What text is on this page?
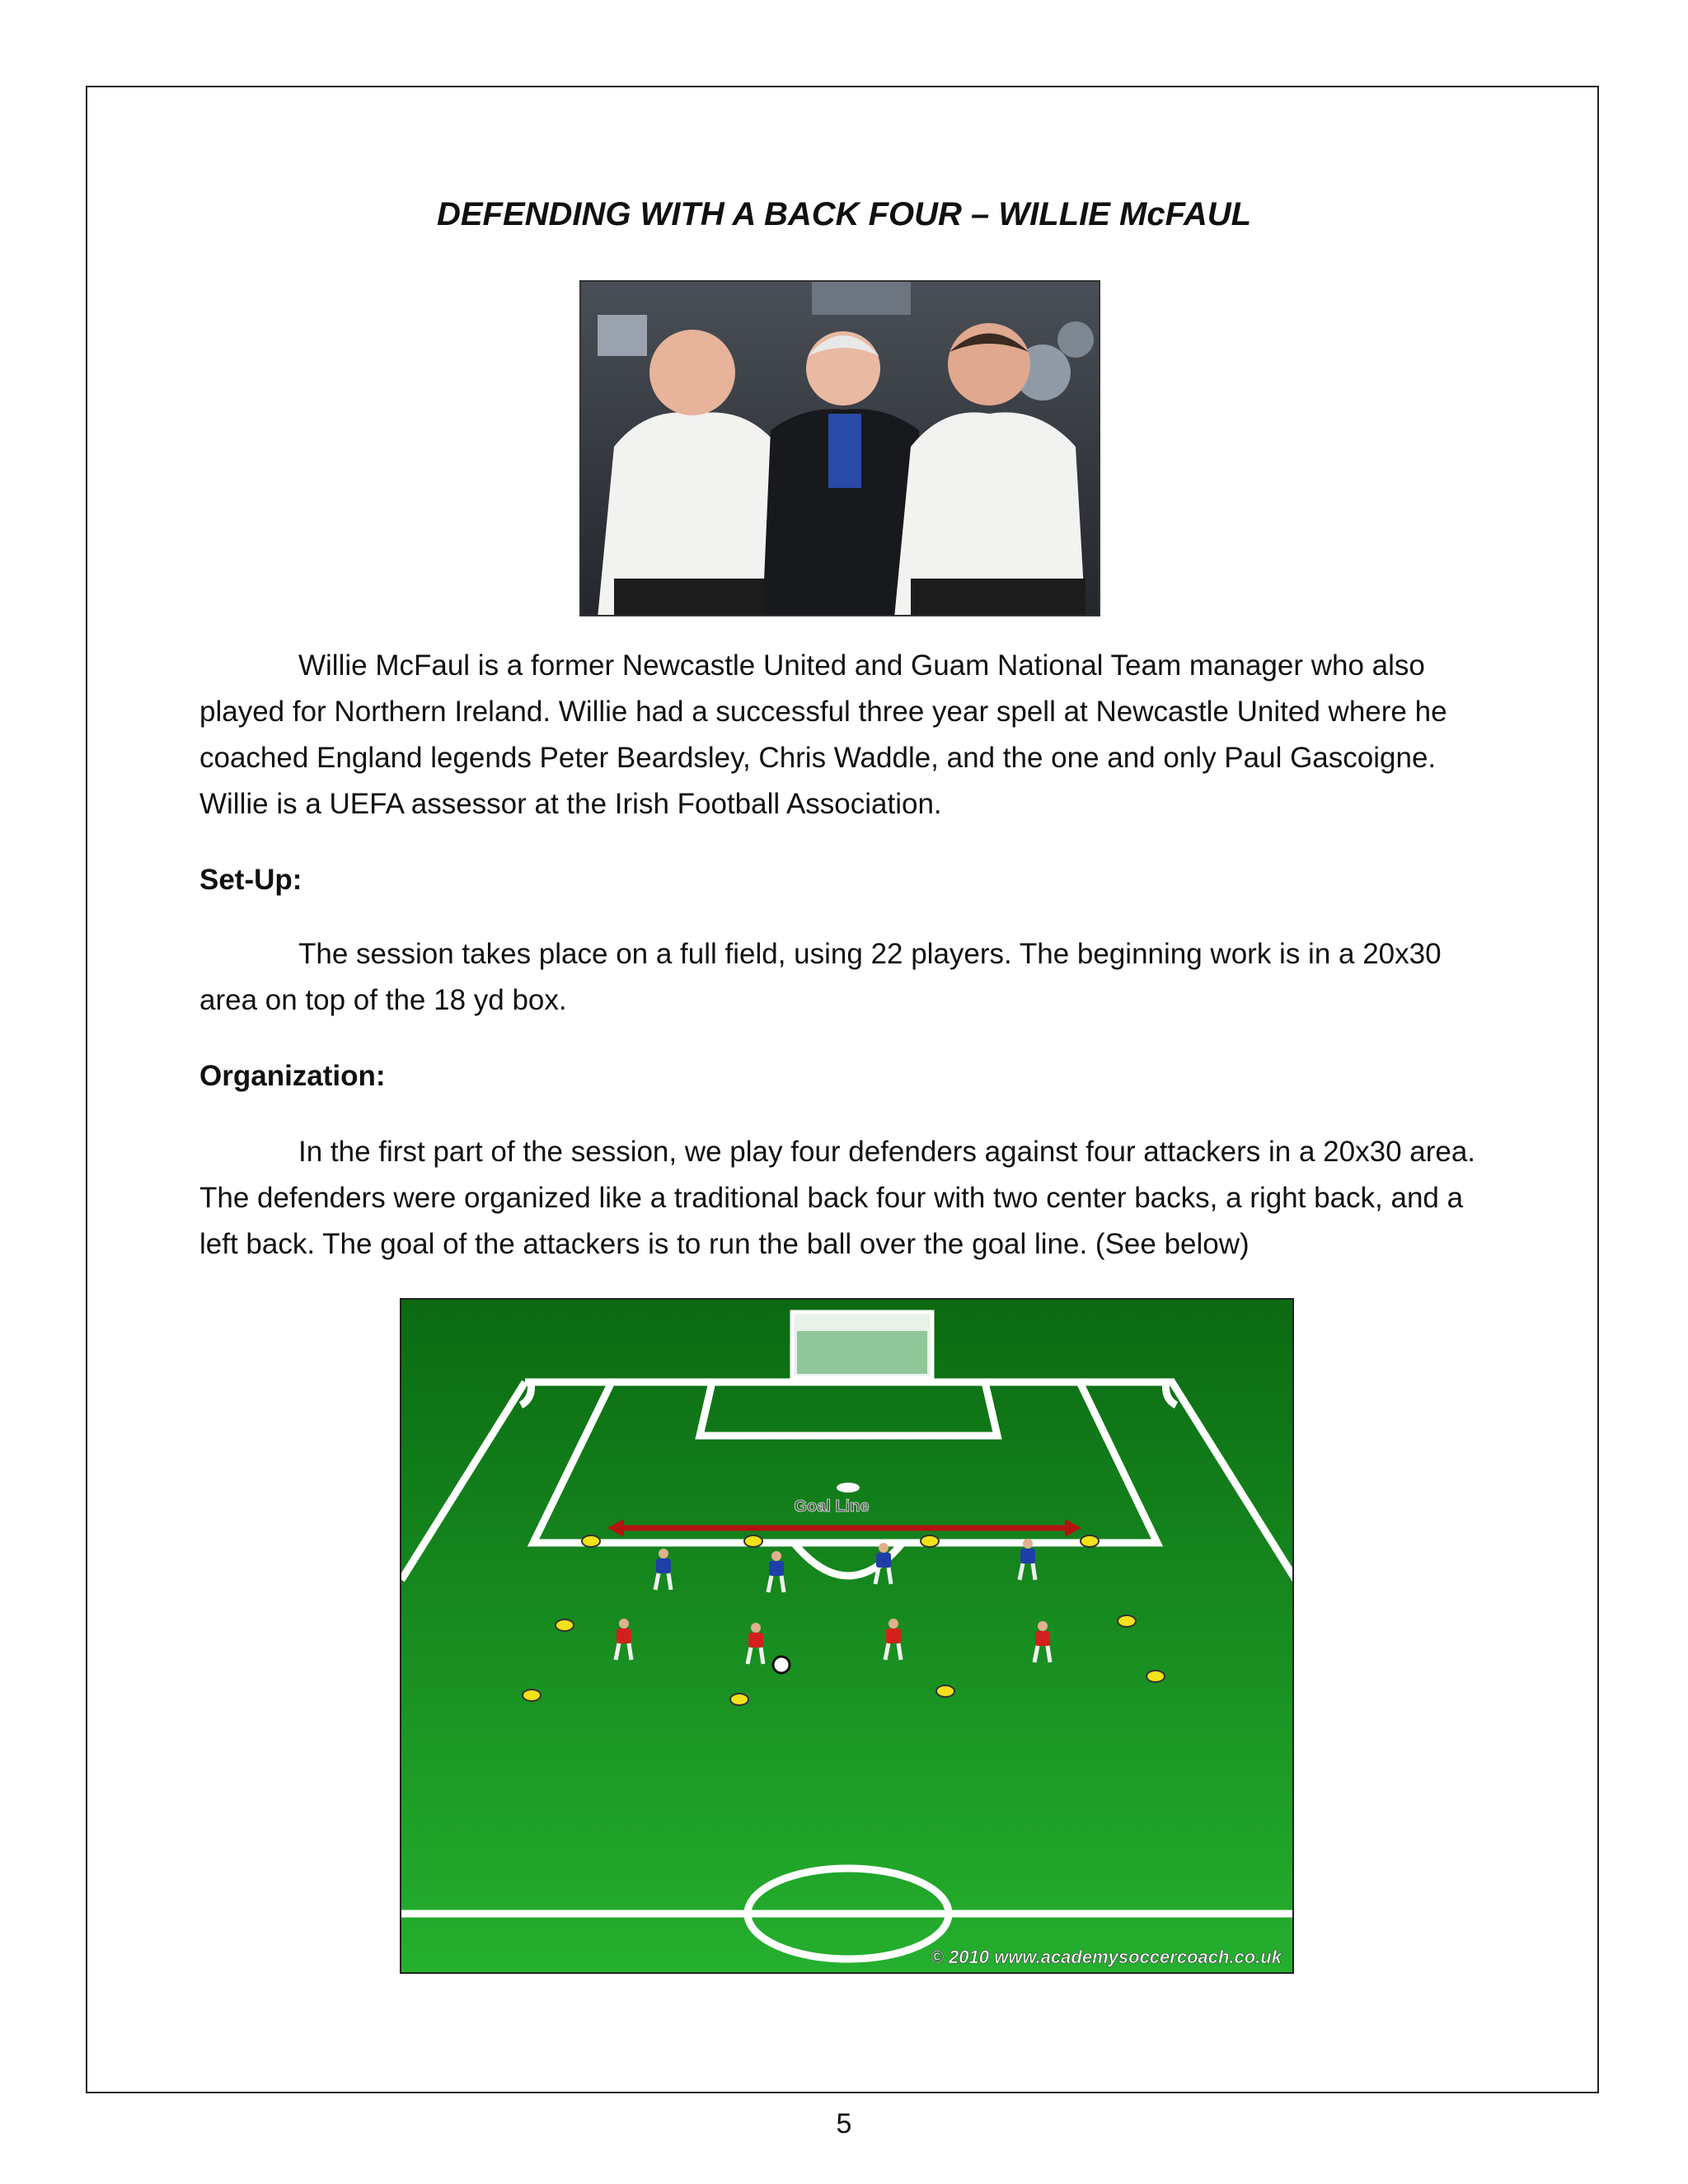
DEFENDING WITH A BACK FOUR – WILLIE McFAUL

Willie McFaul is a former Newcastle United and Guam National Team manager who also played for Northern Ireland. Willie had a successful three year spell at Newcastle United where he coached England legends Peter Beardsley, Chris Waddle, and the one and only Paul Gascoigne. Willie is a UEFA assessor at the Irish Football Association.

Set-Up:

The session takes place on a full field, using 22 players. The beginning work is in a 20x30 area on top of the 18 yd box.

Organization:

In the first part of the session, we play four defenders against four attackers in a 20x30 area. The defenders were organized like a traditional back four with two center backs, a right back, and a left back. The goal of the attackers is to run the ball over the goal line. (See below)

Goal Line
© 2010 www.academysoccercoach.co.uk
5
